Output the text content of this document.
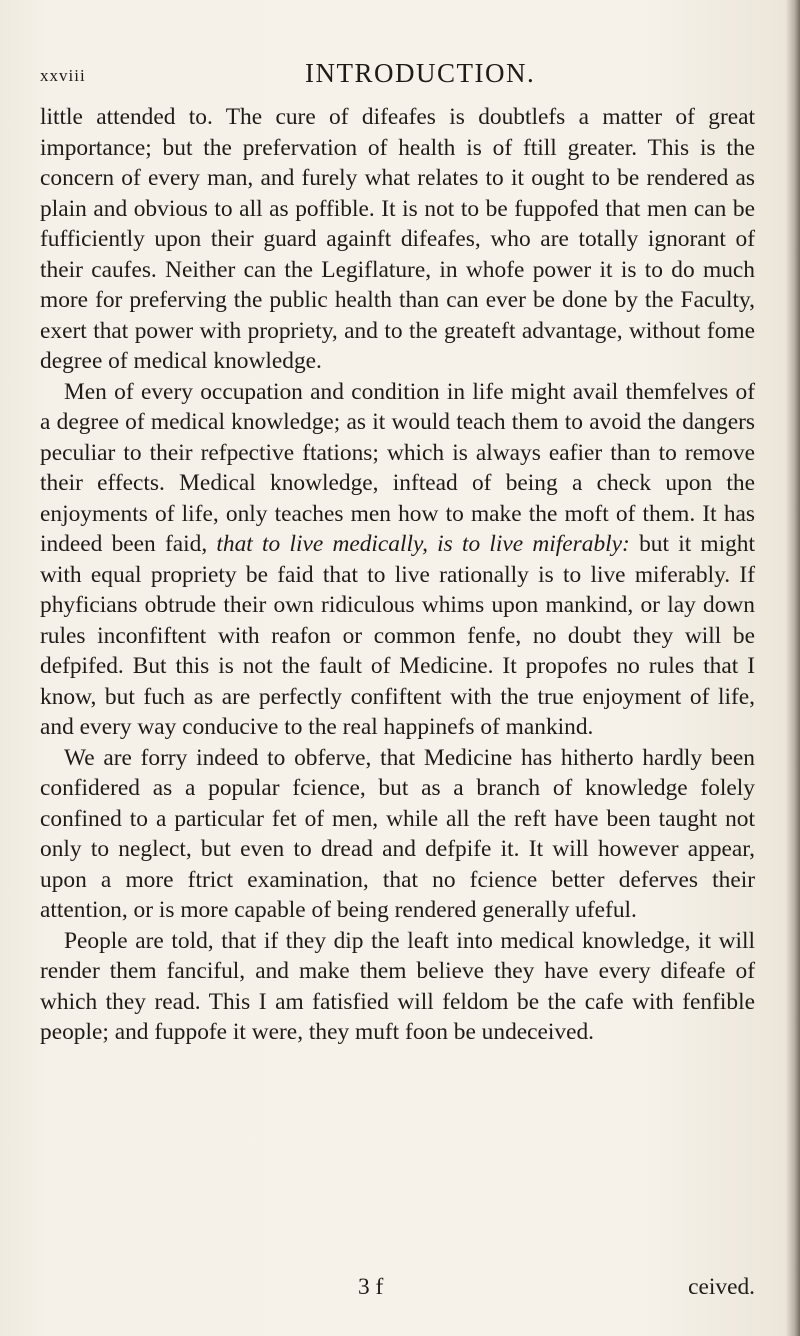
xxviii	INTRODUCTION.

little attended to. The cure of difeafes is doubtlefs a matter of great importance; but the prefervation of health is of ftill greater. This is the concern of every man, and furely what relates to it ought to be rendered as plain and obvious to all as poffible. It is not to be fuppofed that men can be fufficiently upon their guard againft difeafes, who are totally ignorant of their caufes. Neither can the Legiflature, in whofe power it is to do much more for preferving the public health than can ever be done by the Faculty, exert that power with propriety, and to the greateft advantage, without fome degree of medical knowledge.

Men of every occupation and condition in life might avail themfelves of a degree of medical knowledge; as it would teach them to avoid the dangers peculiar to their refpective ftations; which is always eafier than to remove their effects. Medical knowledge, inftead of being a check upon the enjoyments of life, only teaches men how to make the moft of them. It has indeed been faid, that to live medically, is to live miferably: but it might with equal propriety be faid that to live rationally is to live miferably. If phyficians obtrude their own ridiculous whims upon mankind, or lay down rules inconfiftent with reafon or common fenfe, no doubt they will be defpifed. But this is not the fault of Medicine. It propofes no rules that I know, but fuch as are perfectly confiftent with the true enjoyment of life, and every way conducive to the real happinefs of mankind.

We are forry indeed to obferve, that Medicine has hitherto hardly been confidered as a popular fcience, but as a branch of knowledge folely confined to a particular fet of men, while all the reft have been taught not only to neglect, but even to dread and defpife it. It will however appear, upon a more ftrict examination, that no fcience better deferves their attention, or is more capable of being rendered generally ufeful.

People are told, that if they dip the leaft into medical knowledge, it will render them fanciful, and make them believe they have every difeafe of which they read. This I am fatisfied will feldom be the cafe with fenfible people; and fuppofe it were, they muft foon be undeceived.

3 f	ceived.
